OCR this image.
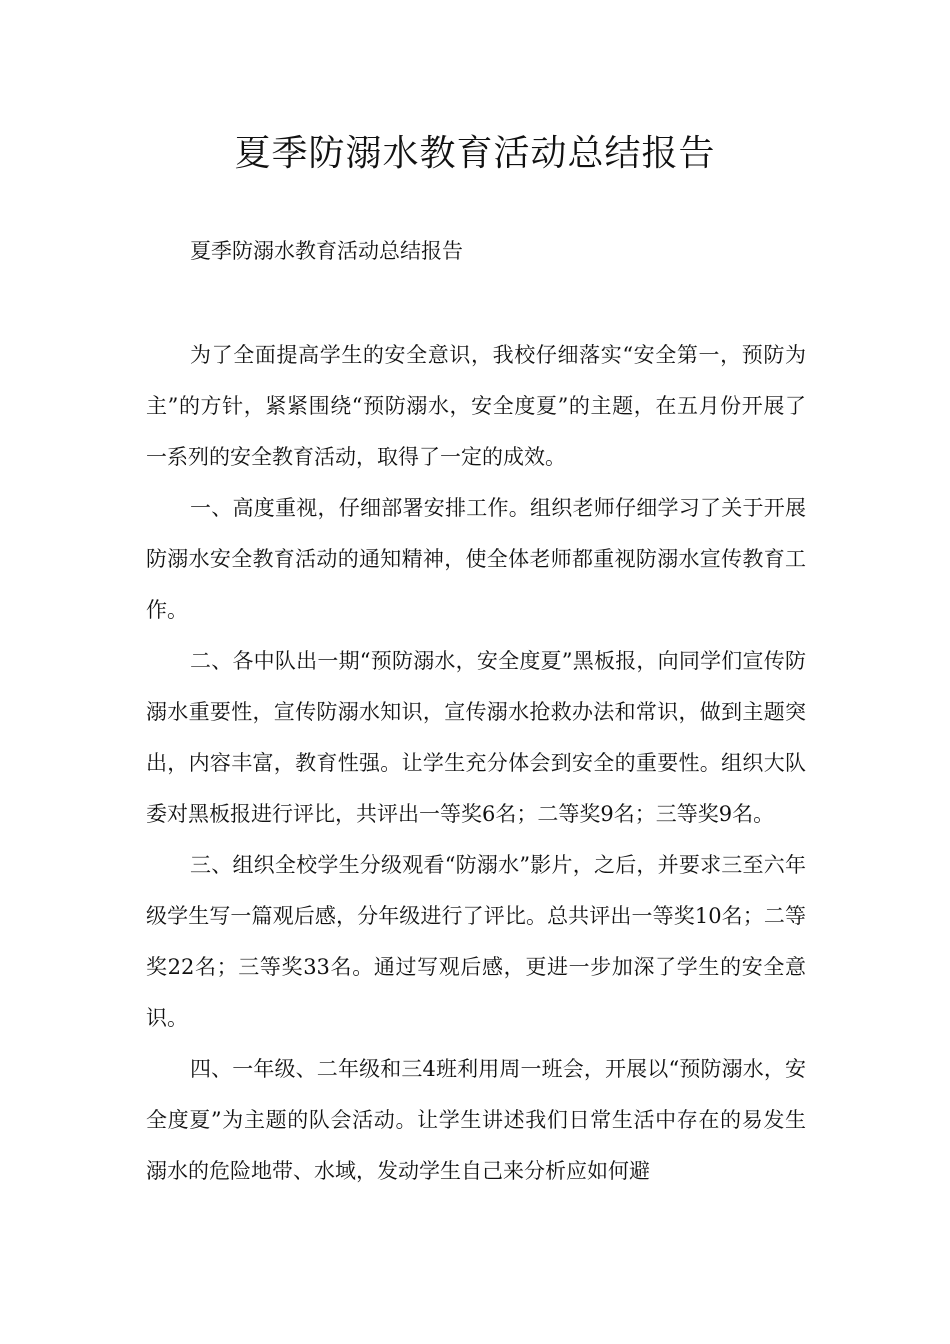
夏季防溺水教育活动总结报告

夏季防溺水教育活动总结报告

为了全面提高学生的安全意识，我校仔细落实“安全第一，预防为主”的方针，紧紧围绕“预防溺水，安全度夏”的主题，在五月份开展了一系列的安全教育活动，取得了一定的成效。

一、高度重视，仔细部署安排工作。组织老师仔细学习了关于开展防溺水安全教育活动的通知精神，使全体老师都重视防溺水宣传教育工作。

二、各中队出一期“预防溺水，安全度夏”黑板报，向同学们宣传防溺水重要性，宣传防溺水知识，宣传溺水抢救办法和常识，做到主题突出，内容丰富，教育性强。让学生充分体会到安全的重要性。组织大队委对黑板报进行评比，共评出一等奖6名；二等奖9名；三等奖9名。

三、组织全校学生分级观看“防溺水”影片，之后，并要求三至六年级学生写一篇观后感，分年级进行了评比。总共评出一等奖10名；二等奖22名；三等奖33名。通过写观后感，更进一步加深了学生的安全意识。

四、一年级、二年级和三4班利用周一班会，开展以“预防溺水，安全度夏”为主题的队会活动。让学生讲述我们日常生活中存在的易发生溺水的危险地带、水域，发动学生自己来分析应如何避
